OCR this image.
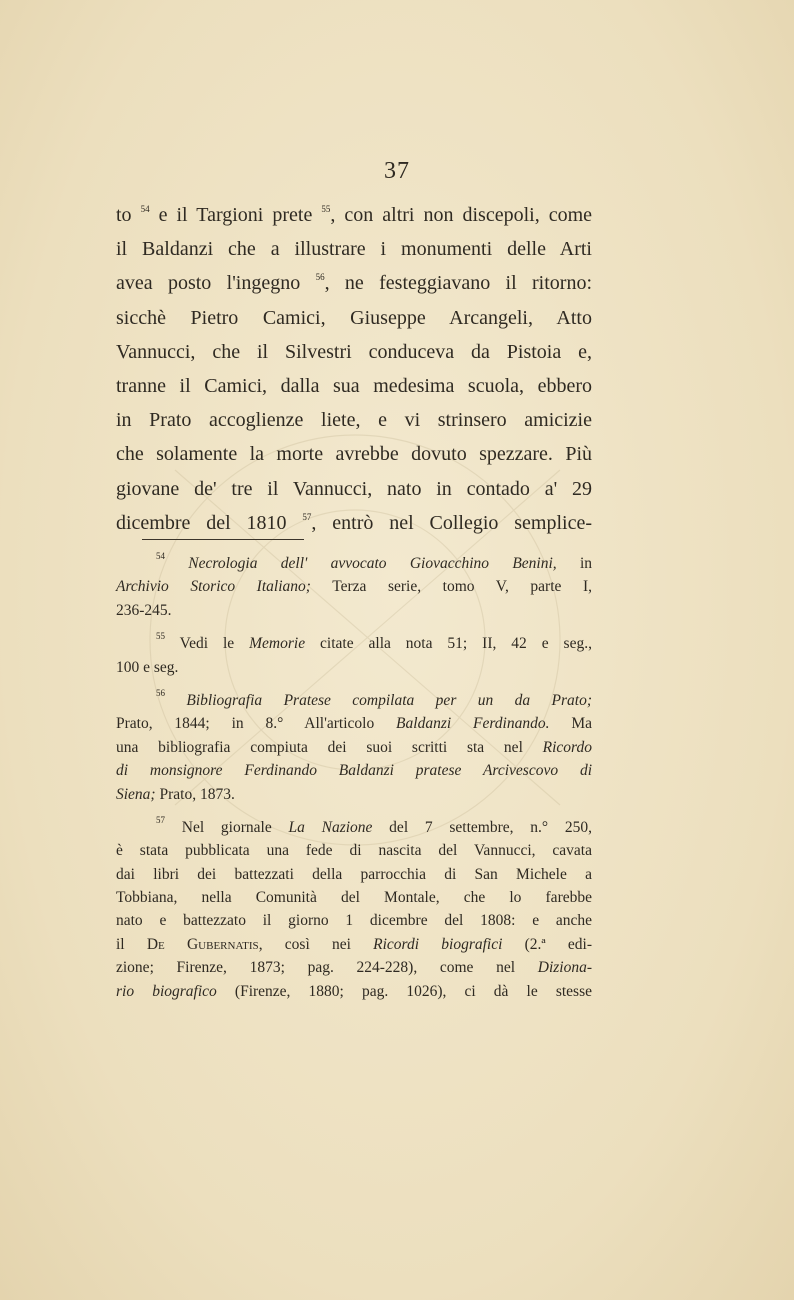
37
to $^{54}$ e il Targioni prete $^{55}$, con altri non discepoli, come
il Baldanzi che a illustrare i monumenti delle Arti
avea posto l'ingegno $^{56}$, ne festeggiavano il ritorno:
sicchè Pietro Camici, Giuseppe Arcangeli, Atto
Vannucci, che il Silvestri conduceva da Pistoia e,
tranne il Camici, dalla sua medesima scuola, ebbero
in Prato accoglienze liete, e vi strinsero amicizie
che solamente la morte avrebbe dovuto spezzare. Più
giovane de' tre il Vannucci, nato in contado a' 29
dicembre del 1810 $^{57}$, entrò nel Collegio semplice-
$^{54}$ Necrologia dell' avvocato Giovacchino Benini, in
Archivio Storico Italiano; Terza serie, tomo V, parte I,
236-245.
$^{55}$ Vedi le Memorie citate alla nota 51; II, 42 e seg.,
100 e seg.
$^{56}$ Bibliografia Pratese compilata per un da Prato;
Prato, 1844; in 8.° All'articolo Baldanzi Ferdinando. Ma
una bibliografia compiuta dei suoi scritti sta nel Ricordo
di monsignore Ferdinando Baldanzi pratese Arcivescovo di
Siena; Prato, 1873.
$^{57}$ Nel giornale La Nazione del 7 settembre, n.° 250,
è stata pubblicata una fede di nascita del Vannucci, cavata
dai libri dei battezzati della parrocchia di San Michele a
Tobbiana, nella Comunità del Montale, che lo farebbe
nato e battezzato il giorno 1 dicembre del 1808: e anche
il De Gubernatis, così nei Ricordi biografici (2.ª edi-
zione; Firenze, 1873; pag. 224-228), come nel Diziona-
rio biografico (Firenze, 1880; pag. 1026), ci dà le stesse
